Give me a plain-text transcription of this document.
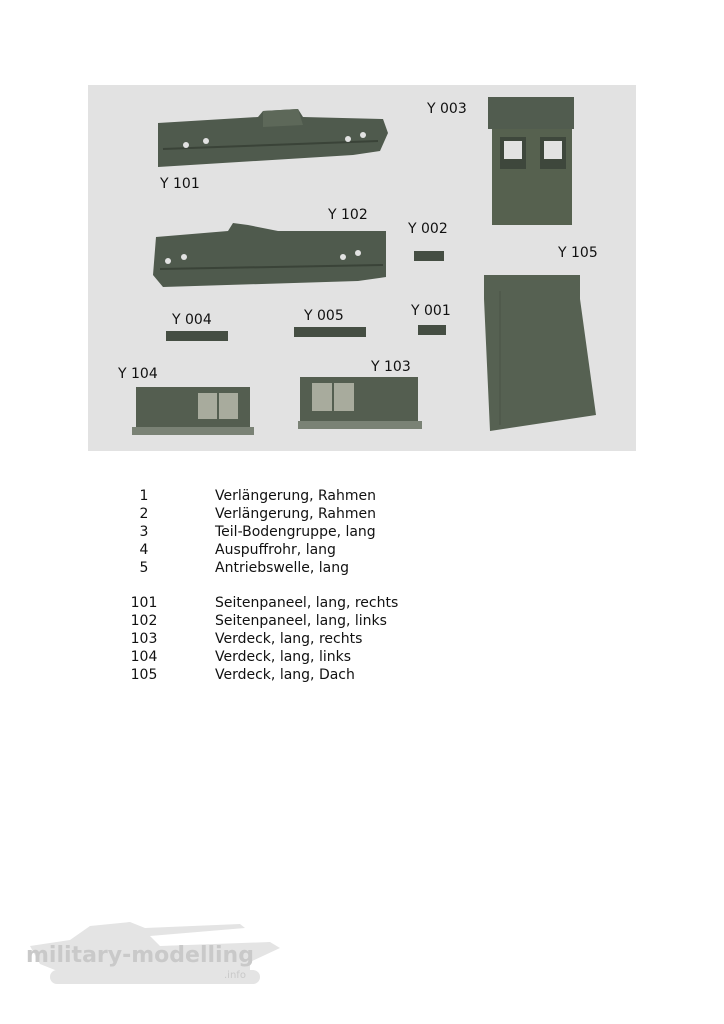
Y 101
Y 102
Y 002
Y 003
Y 105
Y 004	Y 005	Y 001
Y 104	Y 103
1	Verlängerung, Rahmen
2	Verlängerung, Rahmen
3	Teil-Bodengruppe, lang
4	Auspuffrohr, lang
5	Antriebswelle, lang
101	Seitenpaneel, lang, rechts
102	Seitenpaneel, lang, links
103	Verdeck, lang, rechts
104	Verdeck, lang, links
105	Verdeck, lang, Dach
military-modelling
.info
